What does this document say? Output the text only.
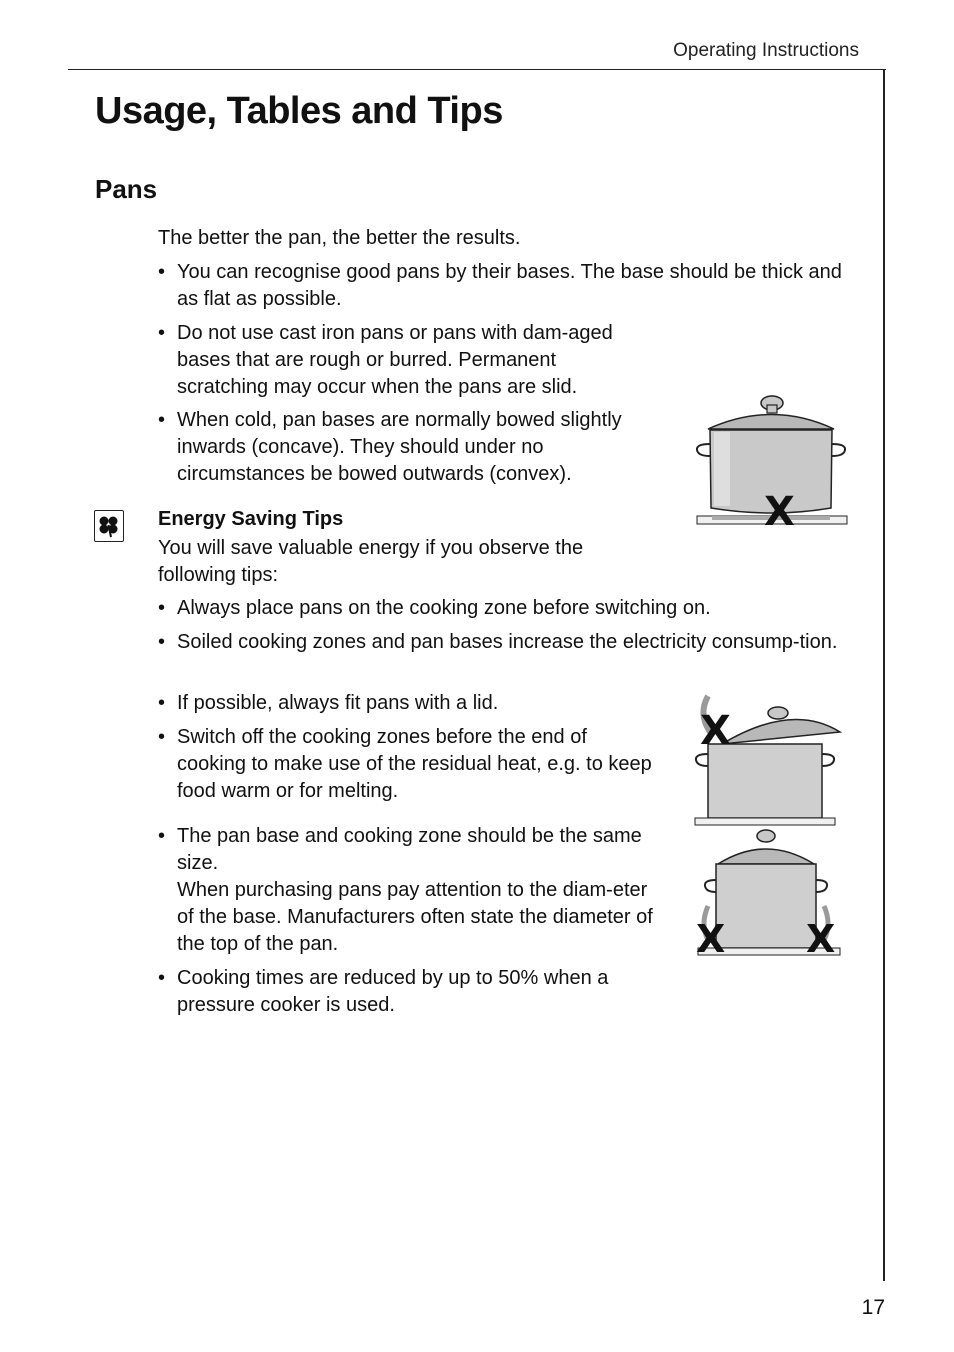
Operating Instructions
Usage, Tables and Tips
Pans
The better the pan, the better the results.
• You can recognise good pans by their bases. The base should be thick and as flat as possible.
• Do not use cast iron pans or pans with dam-aged bases that are rough or burred. Permanent scratching may occur when the pans are slid.
• When cold, pan bases are normally bowed slightly inwards (concave). They should under no circumstances be bowed outwards (convex).
Energy Saving Tips
You will save valuable energy if you observe the following tips:
• Always place pans on the cooking zone before switching on.
• Soiled cooking zones and pan bases increase the electricity consump-tion.
• If possible, always fit pans with a lid.
• Switch off the cooking zones before the end of cooking to make use of the residual heat, e.g. to keep food warm or for melting.
• The pan base and cooking zone should be the same size.
When purchasing pans pay attention to the diam-eter of the base. Manufacturers often state the diameter of the top of the pan.
• Cooking times are reduced by up to 50% when a pressure cooker is used.
X
X
X X
17
